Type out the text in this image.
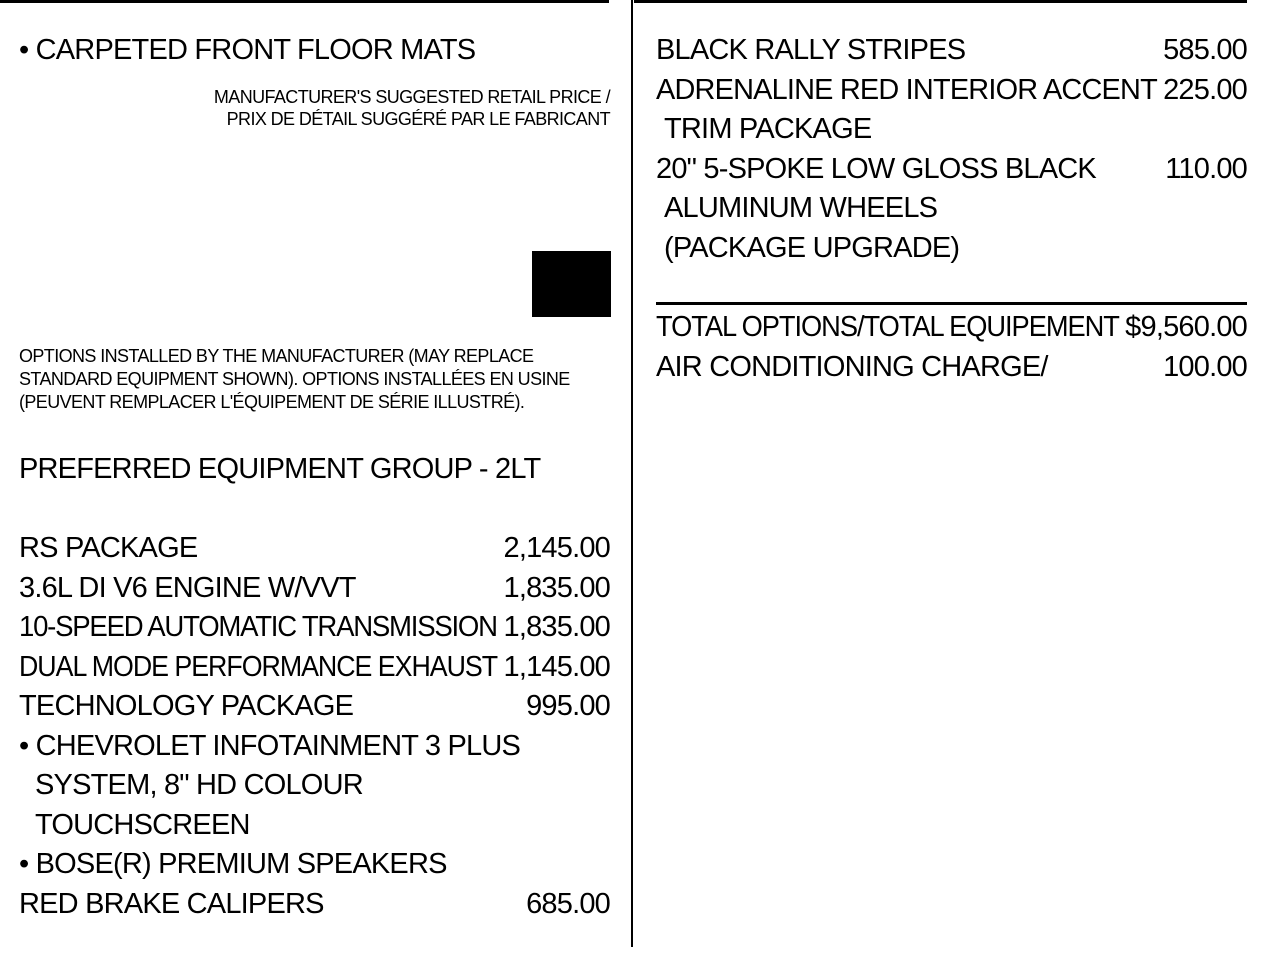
• CARPETED FRONT FLOOR MATS
MANUFACTURER'S SUGGESTED RETAIL PRICE /
PRIX DE DÉTAIL SUGGÉRÉ PAR LE FABRICANT
OPTIONS INSTALLED BY THE MANUFACTURER (MAY REPLACE
STANDARD EQUIPMENT SHOWN). OPTIONS INSTALLÉES EN USINE
(PEUVENT REMPLACER L'ÉQUIPEMENT DE SÉRIE ILLUSTRÉ).
PREFERRED EQUIPMENT GROUP - 2LT
RS PACKAGE	2,145.00
3.6L DI V6 ENGINE W/VVT	1,835.00
10-SPEED AUTOMATIC TRANSMISSION 1,835.00
DUAL MODE PERFORMANCE EXHAUST 1,145.00
TECHNOLOGY PACKAGE	995.00
• CHEVROLET INFOTAINMENT 3 PLUS
SYSTEM, 8" HD COLOUR
TOUCHSCREEN
• BOSE(R) PREMIUM SPEAKERS
RED BRAKE CALIPERS	685.00
BLACK RALLY STRIPES	585.00
ADRENALINE RED INTERIOR ACCENT 225.00
TRIM PACKAGE
20" 5-SPOKE LOW GLOSS BLACK 110.00
ALUMINUM WHEELS
(PACKAGE UPGRADE)
TOTAL OPTIONS/TOTAL EQUIPEMENT $9,560.00
AIR CONDITIONING CHARGE/	100.00
